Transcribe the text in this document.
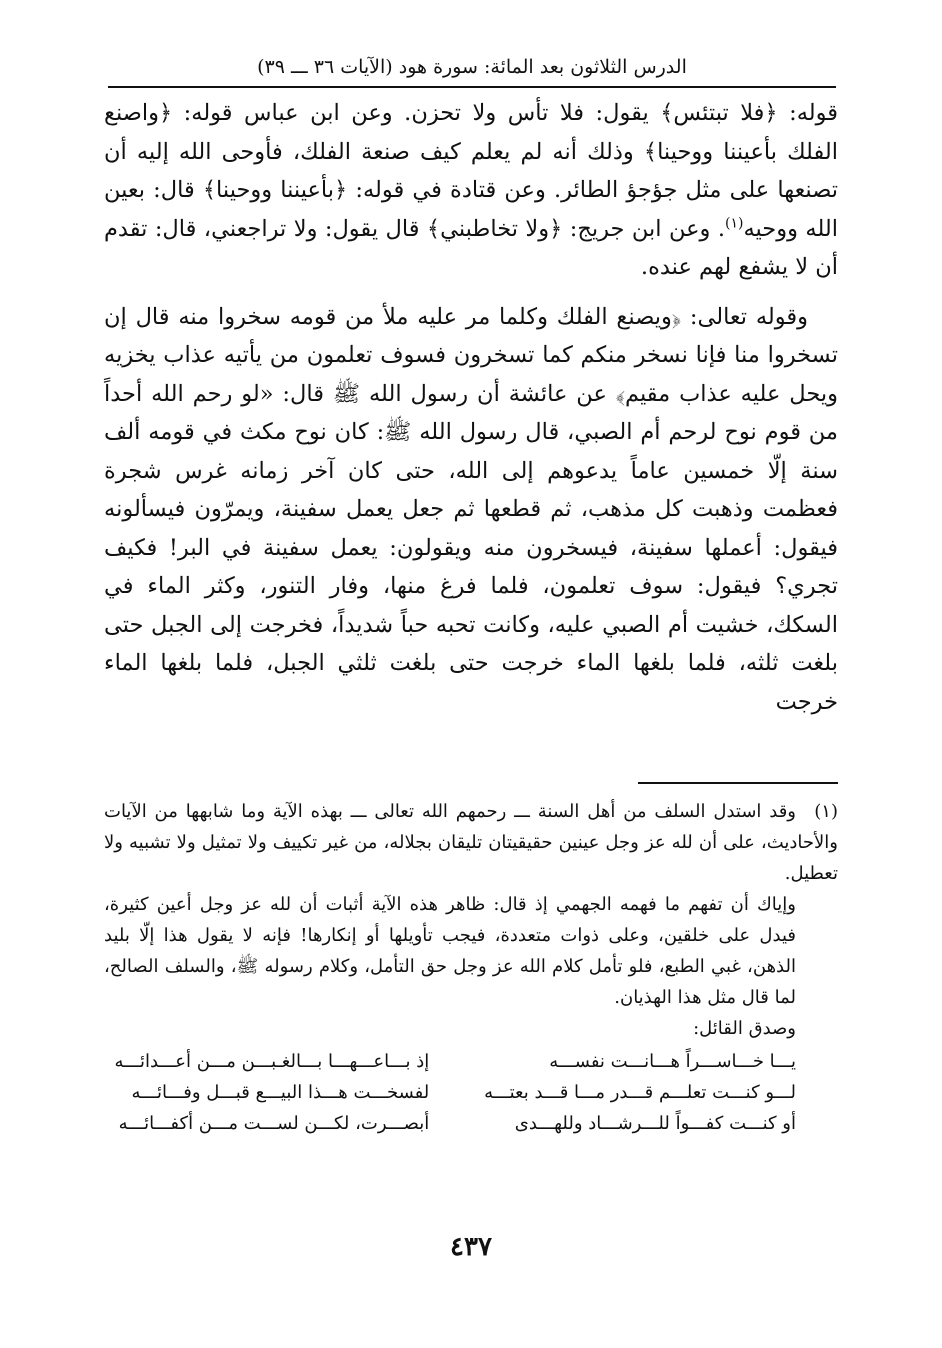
الدرس الثلاثون بعد المائة: سورة هود (الآيات ٣٦ ـــ ٣٩)

قوله: ﴿فلا تبتئس﴾ يقول: فلا تأس ولا تحزن. وعن ابن عباس قوله: ﴿واصنع الفلك بأعيننا ووحينا﴾ وذلك أنه لم يعلم كيف صنعة الفلك، فأوحى الله إليه أن تصنعها على مثل جؤجؤ الطائر. وعن قتادة في قوله: ﴿بأعيننا ووحينا﴾ قال: بعين الله ووحيه$^{(١)}$. وعن ابن جريج: ﴿ولا تخاطبني﴾ قال يقول: ولا تراجعني، قال: تقدم أن لا يشفع لهم عنده.

وقوله تعالى: ﴿ويصنع الفلك وكلما مر عليه ملأ من قومه سخروا منه قال إن تسخروا منا فإنا نسخر منكم كما تسخرون فسوف تعلمون من يأتيه عذاب يخزيه ويحل عليه عذاب مقيم﴾ عن عائشة أن رسول الله ﷺ قال: «لو رحم الله أحداً من قوم نوح لرحم أم الصبي، قال رسول الله ﷺ: كان نوح مكث في قومه ألف سنة إلّا خمسين عاماً يدعوهم إلى الله، حتى كان آخر زمانه غرس شجرة فعظمت وذهبت كل مذهب، ثم قطعها ثم جعل يعمل سفينة، ويمرّون فيسألونه فيقول: أعملها سفينة، فيسخرون منه ويقولون: يعمل سفينة في البر! فكيف تجري؟ فيقول: سوف تعلمون، فلما فرغ منها، وفار التنور، وكثر الماء في السكك، خشيت أم الصبي عليه، وكانت تحبه حباً شديداً، فخرجت إلى الجبل حتى بلغت ثلثه، فلما بلغها الماء خرجت حتى بلغت ثلثي الجبل، فلما بلغها الماء خرجت

(١)وقد استدل السلف من أهل السنة ـــ رحمهم الله تعالى ـــ بهذه الآية وما شابهها من الآيات والأحاديث، على أن لله عز وجل عينين حقيقيتان تليقان بجلاله، من غير تكييف ولا تمثيل ولا تشبيه ولا تعطيل.

وإياك أن تفهم ما فهمه الجهمي إذ قال: ظاهر هذه الآية أثبات أن لله عز وجل أعين كثيرة، فيدل على خلقين، وعلى ذوات متعددة، فيجب تأويلها أو إنكارها! فإنه لا يقول هذا إلّا بليد الذهن، غبي الطبع، فلو تأمل كلام الله عز وجل حق التأمل، وكلام رسوله ﷺ، والسلف الصالح، لما قال مثل هذا الهذيان.

وصدق القائل:

يـــا خـــاســـراً هـــانـــت نفســـه
إذ بـــاعـــهـــا بـــالغـبـــن مـــن أعـــدائـــه
لـــو كنـــت تعلـــم قـــدر مـــا قـــد بعتـــه
لفسخـــت هـــذا البيـــع قبـــل وفـــائـــه
أو كنـــت كفـــواً للـــرشـــاد وللهـــدى
أبصـــرت، لكـــن لســـت مـــن أكفـــائـــه
٤٣٧
